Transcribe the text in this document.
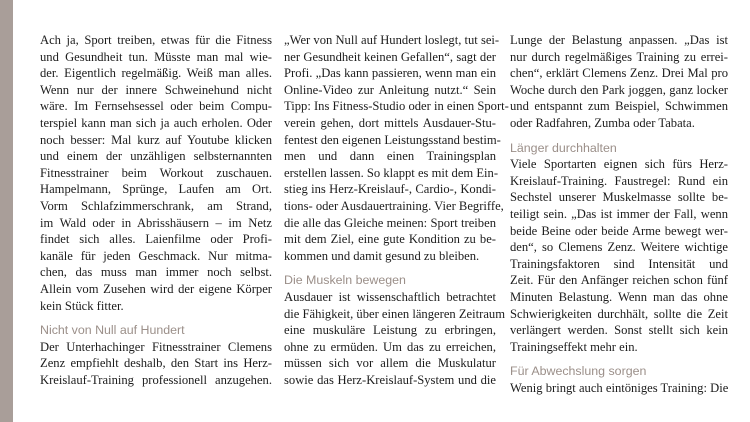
Ach ja, Sport treiben, etwas für die Fitness
und Gesundheit tun. Müsste man mal wie-
der. Eigentlich regelmäßig. Weiß man alles.
Wenn nur der innere Schweinehund nicht
wäre. Im Fernsehsessel oder beim Compu-
terspiel kann man sich ja auch erholen. Oder
noch besser: Mal kurz auf Youtube klicken
und einem der unzähligen selbsternannten
Fitnesstrainer beim Workout zuschauen.
Hampelmann, Sprünge, Laufen am Ort.
Vorm Schlafzimmerschrank, am Strand,
im Wald oder in Abrisshäusern – im Netz
findet sich alles. Laienfilme oder Profi-
kanäle für jeden Geschmack. Nur mitma-
chen, das muss man immer noch selbst.
Allein vom Zusehen wird der eigene Körper
kein Stück fitter.
Nicht von Null auf Hundert
Der Unterhachinger Fitnesstrainer Clemens
Zenz empfiehlt deshalb, den Start ins Herz-
Kreislauf-Training professionell anzugehen.
„Wer von Null auf Hundert loslegt, tut sei-
ner Gesundheit keinen Gefallen“, sagt der
Profi. „Das kann passieren, wenn man ein
Online-Video zur Anleitung nutzt.“ Sein
Tipp: Ins Fitness-Studio oder in einen Sport-
verein gehen, dort mittels Ausdauer-Stu-
fentest den eigenen Leistungsstand bestim-
men und dann einen Trainingsplan
erstellen lassen. So klappt es mit dem Ein-
stieg ins Herz-Kreislauf-, Cardio-, Kondi-
tions- oder Ausdauertraining. Vier Begriffe,
die alle das Gleiche meinen: Sport treiben
mit dem Ziel, eine gute Kondition zu be-
kommen und damit gesund zu bleiben.
Die Muskeln bewegen
Ausdauer ist wissenschaftlich betrachtet
die Fähigkeit, über einen längeren Zeitraum
eine muskuläre Leistung zu erbringen,
ohne zu ermüden. Um das zu erreichen,
müssen sich vor allem die Muskulatur
sowie das Herz-Kreislauf-System und die
Lunge der Belastung anpassen. „Das ist
nur durch regelmäßiges Training zu errei-
chen“, erklärt Clemens Zenz. Drei Mal pro
Woche durch den Park joggen, ganz locker
und entspannt zum Beispiel, Schwimmen
oder Radfahren, Zumba oder Tabata.
Länger durchhalten
Viele Sportarten eignen sich fürs Herz-
Kreislauf-Training. Faustregel: Rund ein
Sechstel unserer Muskelmasse sollte be-
teiligt sein. „Das ist immer der Fall, wenn
beide Beine oder beide Arme bewegt wer-
den“, so Clemens Zenz. Weitere wichtige
Trainingsfaktoren sind Intensität und
Zeit. Für den Anfänger reichen schon fünf
Minuten Belastung. Wenn man das ohne
Schwierigkeiten durchhält, sollte die Zeit
verlängert werden. Sonst stellt sich kein
Trainingseffekt mehr ein.
Für Abwechslung sorgen
Wenig bringt auch eintöniges Training: Die
